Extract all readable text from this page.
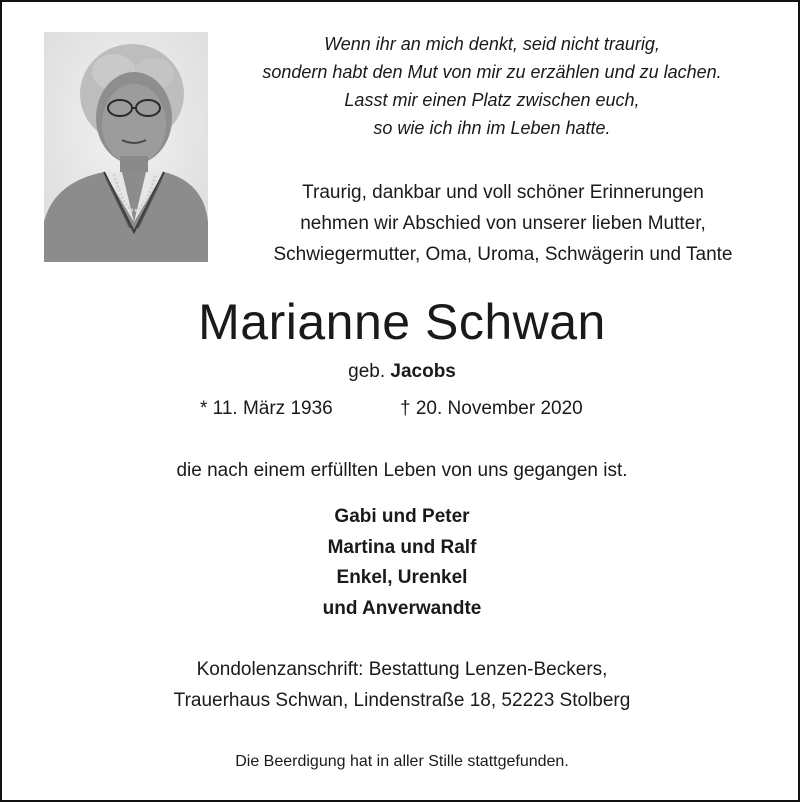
Wenn ihr an mich denkt, seid nicht traurig,
sondern habt den Mut von mir zu erzählen und zu lachen.
Lasst mir einen Platz zwischen euch,
so wie ich ihn im Leben hatte.
Traurig, dankbar und voll schöner Erinnerungen
nehmen wir Abschied von unserer lieben Mutter,
Schwiegermutter, Oma, Uroma, Schwägerin und Tante
Marianne Schwan
geb. Jacobs
* 11. März 1936	† 20. November 2020
die nach einem erfüllten Leben von uns gegangen ist.
Gabi und Peter
Martina und Ralf
Enkel, Urenkel
und Anverwandte
Kondolenzanschrift: Bestattung Lenzen-Beckers,
Trauerhaus Schwan, Lindenstraße 18, 52223 Stolberg
Die Beerdigung hat in aller Stille stattgefunden.
